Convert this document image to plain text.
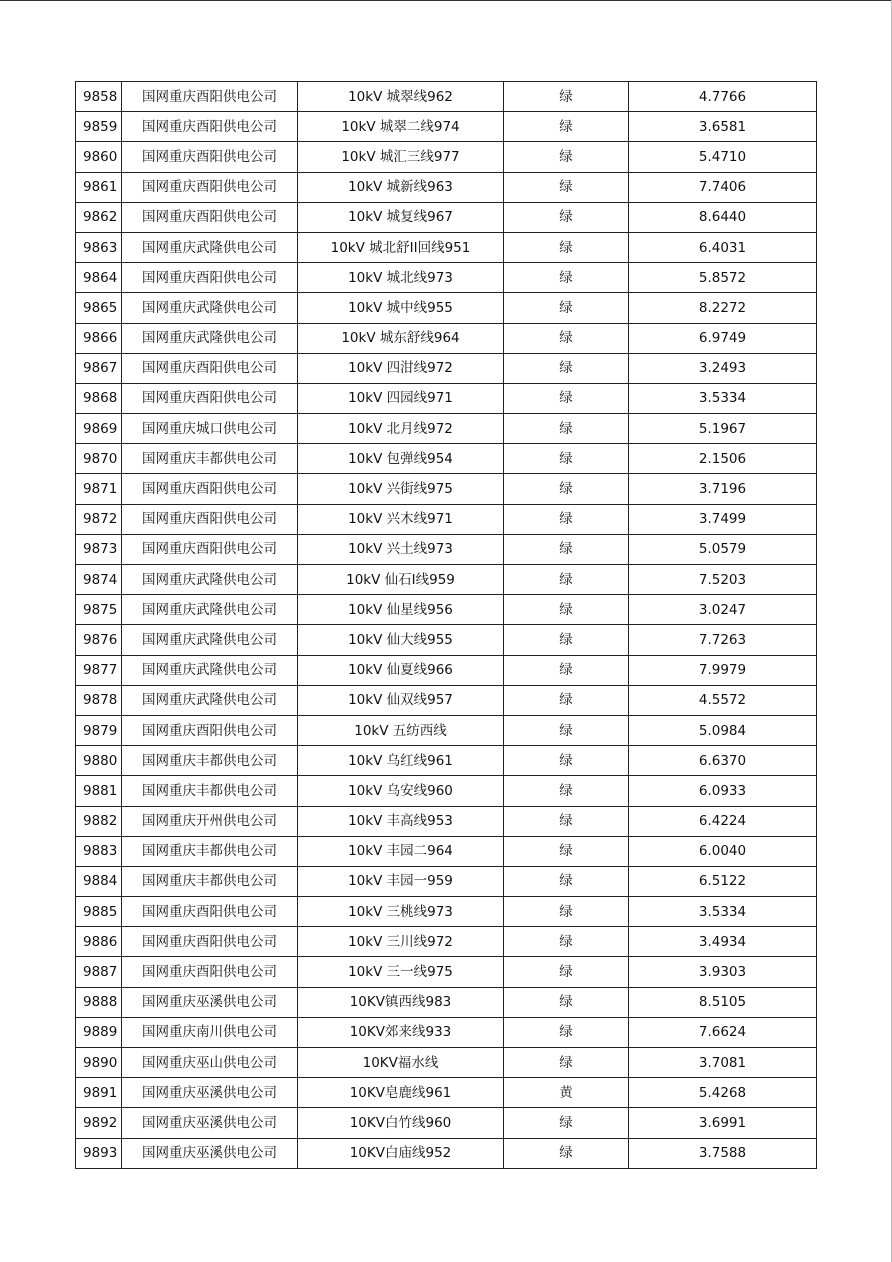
9858	国网重庆酉阳供电公司	10kV 城翠线962	绿	4.7766
9859	国网重庆酉阳供电公司	10kV 城翠二线974	绿	3.6581
9860	国网重庆酉阳供电公司	10kV 城汇三线977	绿	5.4710
9861	国网重庆酉阳供电公司	10kV 城新线963	绿	7.7406
9862	国网重庆酉阳供电公司	10kV 城复线967	绿	8.6440
9863	国网重庆武隆供电公司	10kV 城北舒II回线951	绿	6.4031
9864	国网重庆酉阳供电公司	10kV 城北线973	绿	5.8572
9865	国网重庆武隆供电公司	10kV 城中线955	绿	8.2272
9866	国网重庆武隆供电公司	10kV 城东舒线964	绿	6.9749
9867	国网重庆酉阳供电公司	10kV 四泔线972	绿	3.2493
9868	国网重庆酉阳供电公司	10kV 四园线971	绿	3.5334
9869	国网重庆城口供电公司	10kV 北月线972	绿	5.1967
9870	国网重庆丰都供电公司	10kV 包弹线954	绿	2.1506
9871	国网重庆酉阳供电公司	10kV 兴街线975	绿	3.7196
9872	国网重庆酉阳供电公司	10kV 兴木线971	绿	3.7499
9873	国网重庆酉阳供电公司	10kV 兴土线973	绿	5.0579
9874	国网重庆武隆供电公司	10kV 仙石I线959	绿	7.5203
9875	国网重庆武隆供电公司	10kV 仙星线956	绿	3.0247
9876	国网重庆武隆供电公司	10kV 仙大线955	绿	7.7263
9877	国网重庆武隆供电公司	10kV 仙夏线966	绿	7.9979
9878	国网重庆武隆供电公司	10kV 仙双线957	绿	4.5572
9879	国网重庆酉阳供电公司	10kV 五纺西线	绿	5.0984
9880	国网重庆丰都供电公司	10kV 乌红线961	绿	6.6370
9881	国网重庆丰都供电公司	10kV 乌安线960	绿	6.0933
9882	国网重庆开州供电公司	10kV 丰高线953	绿	6.4224
9883	国网重庆丰都供电公司	10kV 丰园二964	绿	6.0040
9884	国网重庆丰都供电公司	10kV 丰园一959	绿	6.5122
9885	国网重庆酉阳供电公司	10kV 三桃线973	绿	3.5334
9886	国网重庆酉阳供电公司	10kV 三川线972	绿	3.4934
9887	国网重庆酉阳供电公司	10kV 三一线975	绿	3.9303
9888	国网重庆巫溪供电公司	10KV镇西线983	绿	8.5105
9889	国网重庆南川供电公司	10KV郊来线933	绿	7.6624
9890	国网重庆巫山供电公司	10KV福水线	绿	3.7081
9891	国网重庆巫溪供电公司	10KV皂鹿线961	黄	5.4268
9892	国网重庆巫溪供电公司	10KV白竹线960	绿	3.6991
9893	国网重庆巫溪供电公司	10KV白庙线952	绿	3.7588
